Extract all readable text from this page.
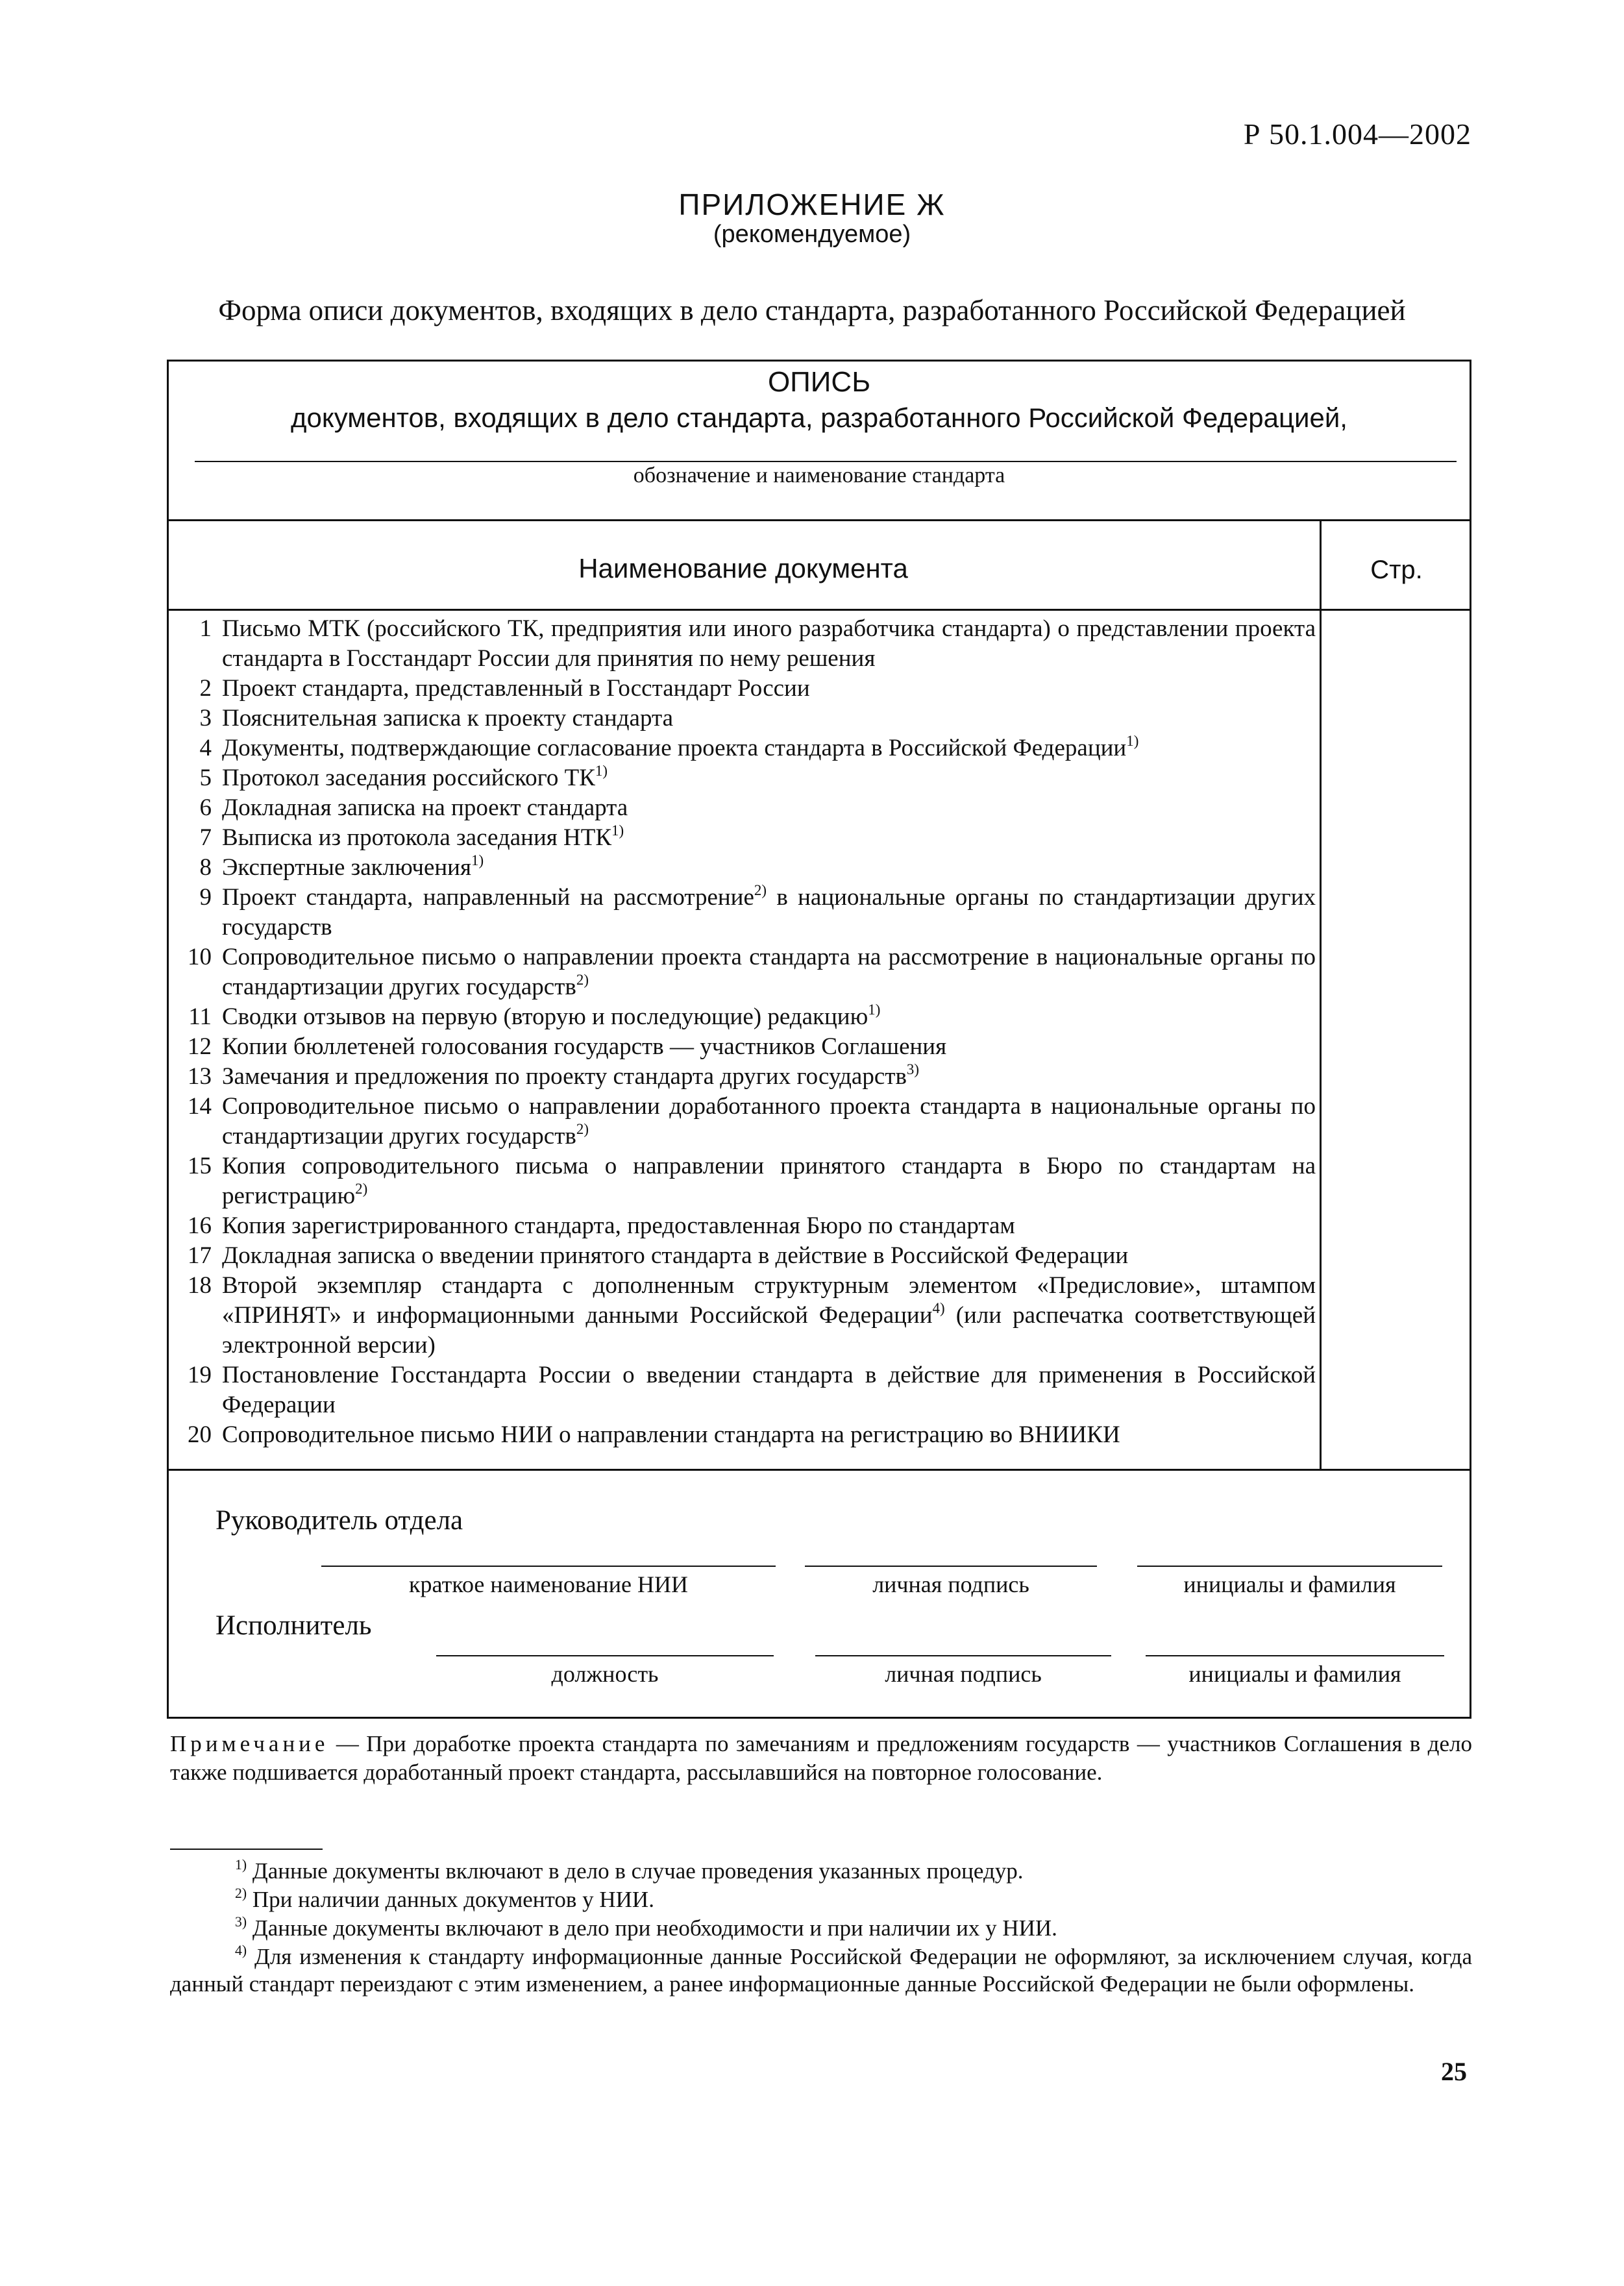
Р 50.1.004—2002
ПРИЛОЖЕНИЕ Ж
(рекомендуемое)
Форма описи документов, входящих в дело стандарта, разработанного Российской Федерацией
ОПИСЬ
документов, входящих в дело стандарта, разработанного Российской Федерацией,
обозначение и наименование стандарта
Наименование документа	Стр.
1 Письмо МТК (российского ТК, предприятия или иного разработчика стандарта) о представлении проекта стандарта в Госстандарт России для принятия по нему решения
2 Проект стандарта, представленный в Госстандарт России
3 Пояснительная записка к проекту стандарта
4 Документы, подтверждающие согласование проекта стандарта в Российской Федерации$^{1)}$
5 Протокол заседания российского ТК$^{1)}$
6 Докладная записка на проект стандарта
7 Выписка из протокола заседания НТК$^{1)}$
8 Экспертные заключения$^{1)}$
9 Проект стандарта, направленный на рассмотрение$^{2)}$ в национальные органы по стандартизации других государств
10 Сопроводительное письмо о направлении проекта стандарта на рассмотрение в национальные органы по стандартизации других государств$^{2)}$
11 Сводки отзывов на первую (вторую и последующие) редакцию$^{1)}$
12 Копии бюллетеней голосования государств — участников Соглашения
13 Замечания и предложения по проекту стандарта других государств$^{3)}$
14 Сопроводительное письмо о направлении доработанного проекта стандарта в национальные органы по стандартизации других государств$^{2)}$
15 Копия сопроводительного письма о направлении принятого стандарта в Бюро по стандартам на регистрацию$^{2)}$
16 Копия зарегистрированного стандарта, предоставленная Бюро по стандартам
17 Докладная записка о введении принятого стандарта в действие в Российской Федерации
18 Второй экземпляр стандарта с дополненным структурным элементом «Предисловие», штампом «ПРИНЯТ» и информационными данными Российской Федерации$^{4)}$ (или распечатка соответствующей электронной версии)
19 Постановление Госстандарта России о введении стандарта в действие для применения в Российской Федерации
20 Сопроводительное письмо НИИ о направлении стандарта на регистрацию во ВНИИКИ
Руководитель отдела
краткое наименование НИИ	личная подпись	инициалы и фамилия
Исполнитель
должность	личная подпись	инициалы и фамилия
Примечание — При доработке проекта стандарта по замечаниям и предложениям государств — участников Соглашения в дело также подшивается доработанный проект стандарта, рассылавшийся на повторное голосование.
$^{1)}$ Данные документы включают в дело в случае проведения указанных процедур.
$^{2)}$ При наличии данных документов у НИИ.
$^{3)}$ Данные документы включают в дело при необходимости и при наличии их у НИИ.
$^{4)}$ Для изменения к стандарту информационные данные Российской Федерации не оформляют, за исключением случая, когда данный стандарт переиздают с этим изменением, а ранее информационные данные Российской Федерации не были оформлены.
25
